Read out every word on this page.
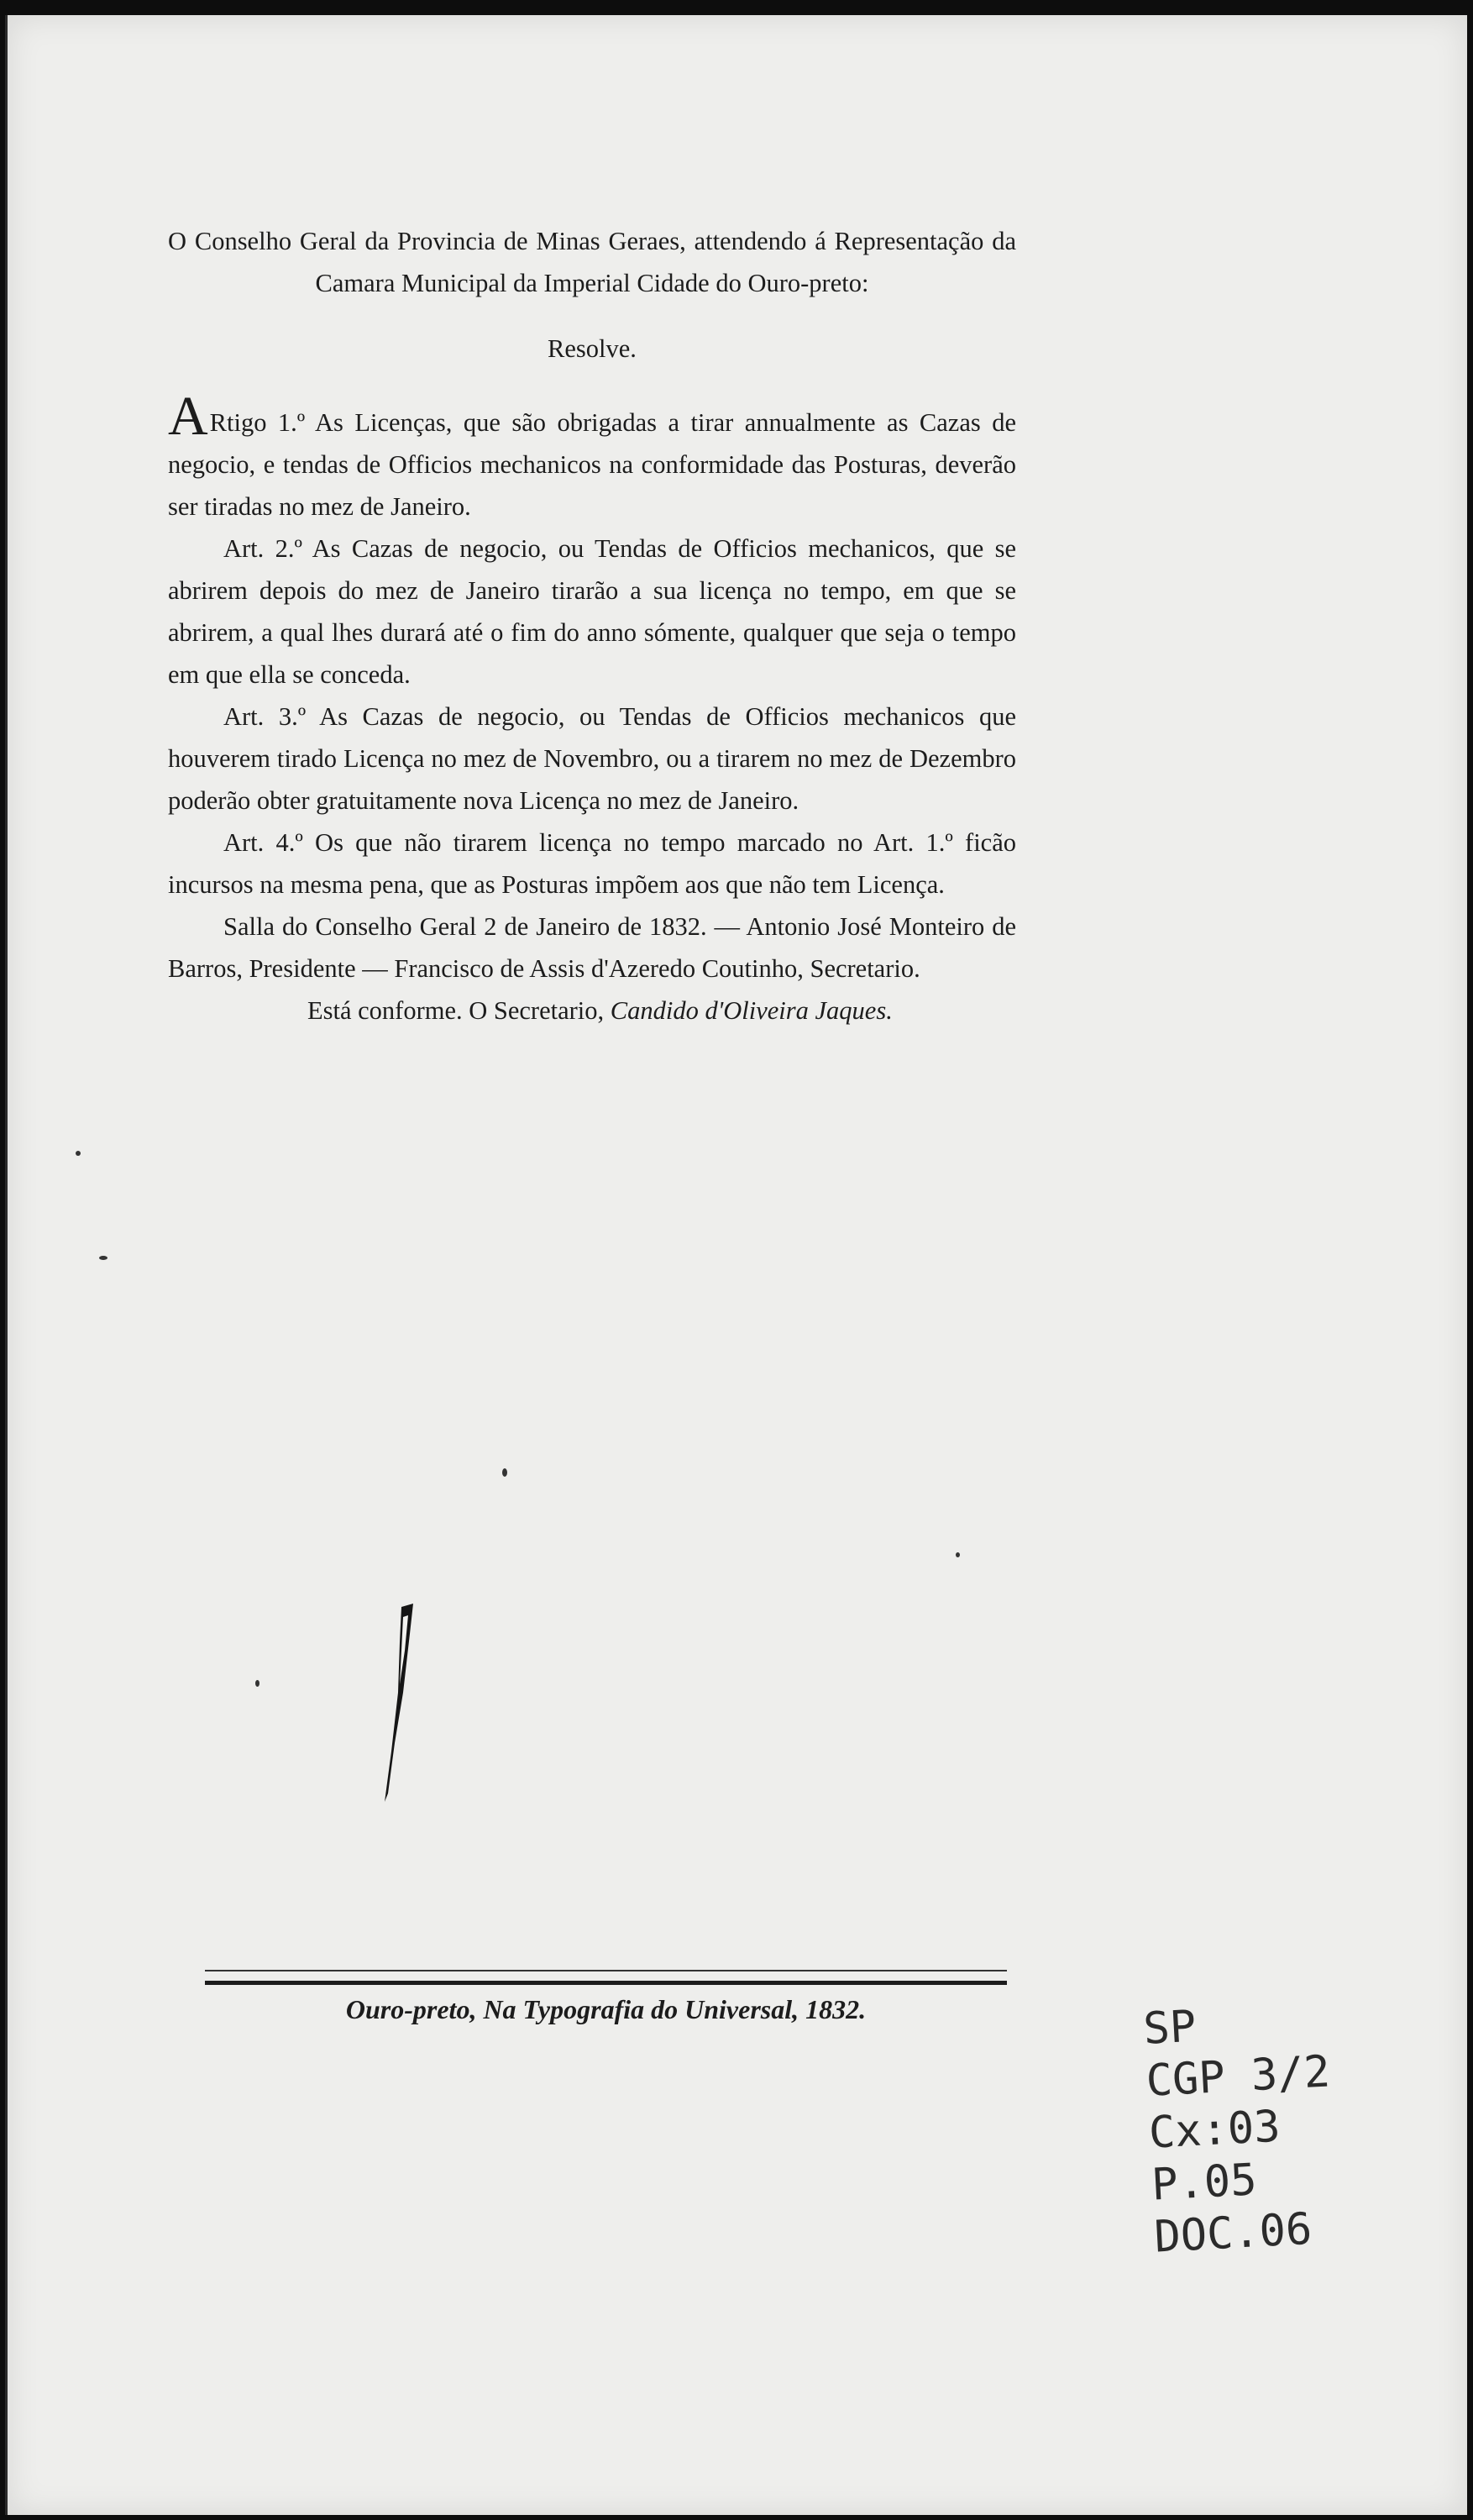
O Conselho Geral da Provincia de Minas Geraes, attendendo á Representação da Camara Municipal da Imperial Cidade do Ouro-preto:

Resolve.

ARtigo 1.º As Licenças, que são obrigadas a tirar annualmente as Cazas de negocio, e tendas de Officios mechanicos na conformidade das Posturas, deverão ser tiradas no mez de Janeiro.

Art. 2.º As Cazas de negocio, ou Tendas de Officios mechanicos, que se abrirem depois do mez de Janeiro tirarão a sua licença no tempo, em que se abrirem, a qual lhes durará até o fim do anno sómente, qualquer que seja o tempo em que ella se conceda.

Art. 3.º As Cazas de negocio, ou Tendas de Officios mechanicos que houverem tirado Licença no mez de Novembro, ou a tirarem no mez de Dezembro poderão obter gratuitamente nova Licença no mez de Janeiro.

Art. 4.º Os que não tirarem licença no tempo marcado no Art. 1.º ficão incursos na mesma pena, que as Posturas impõem aos que não tem Licença.

Salla do Conselho Geral 2 de Janeiro de 1832. — Antonio José Monteiro de Barros, Presidente — Francisco de Assis d'Azeredo Coutinho, Secretario.

Está conforme. O Secretario, Candido d'Oliveira Jaques.

Ouro-preto, Na Typografia do Universal, 1832.	SP
CGP 3/2
Cx:03
P.05
DOC.06
